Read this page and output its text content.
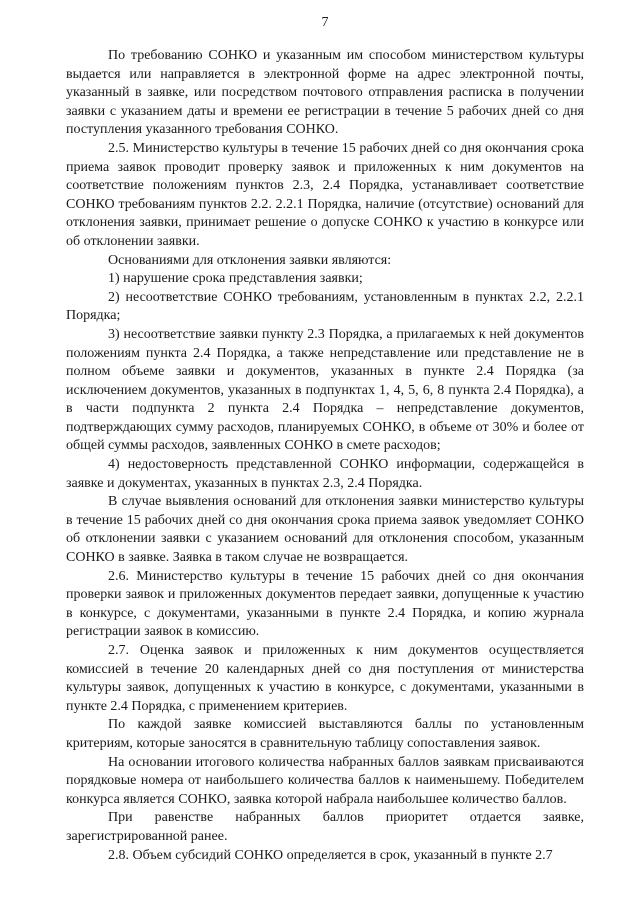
7

По требованию СОНКО и указанным им способом министерством культуры выдается или направляется в электронной форме на адрес электронной почты, указанный в заявке, или посредством почтового отправления расписка в получении заявки с указанием даты и времени ее регистрации в течение 5 рабочих дней со дня поступления указанного требования СОНКО.

2.5. Министерство культуры в течение 15 рабочих дней со дня окончания срока приема заявок проводит проверку заявок и приложенных к ним документов на соответствие положениям пунктов 2.3, 2.4 Порядка, устанавливает соответствие СОНКО требованиям пунктов 2.2. 2.2.1 Порядка, наличие (отсутствие) оснований для отклонения заявки, принимает решение о допуске СОНКО к участию в конкурсе или об отклонении заявки.

Основаниями для отклонения заявки являются:

1) нарушение срока представления заявки;

2) несоответствие СОНКО требованиям, установленным в пунктах 2.2, 2.2.1 Порядка;

3) несоответствие заявки пункту 2.3 Порядка, а прилагаемых к ней документов положениям пункта 2.4 Порядка, а также непредставление или представление не в полном объеме заявки и документов, указанных в пункте 2.4 Порядка (за исключением документов, указанных в подпунктах 1, 4, 5, 6, 8 пункта 2.4 Порядка), а в части подпункта 2 пункта 2.4 Порядка – непредставление документов, подтверждающих сумму расходов, планируемых СОНКО, в объеме от 30% и более от общей суммы расходов, заявленных СОНКО в смете расходов;

4) недостоверность представленной СОНКО информации, содержащейся в заявке и документах, указанных в пунктах 2.3, 2.4 Порядка.

В случае выявления оснований для отклонения заявки министерство культуры в течение 15 рабочих дней со дня окончания срока приема заявок уведомляет СОНКО об отклонении заявки с указанием оснований для отклонения способом, указанным СОНКО в заявке. Заявка в таком случае не возвращается.

2.6. Министерство культуры в течение 15 рабочих дней со дня окончания проверки заявок и приложенных документов передает заявки, допущенные к участию в конкурсе, с документами, указанными в пункте 2.4 Порядка, и копию журнала регистрации заявок в комиссию.

2.7. Оценка заявок и приложенных к ним документов осуществляется комиссией в течение 20 календарных дней со дня поступления от министерства культуры заявок, допущенных к участию в конкурсе, с документами, указанными в пункте 2.4 Порядка, с применением критериев.

По каждой заявке комиссией выставляются баллы по установленным критериям, которые заносятся в сравнительную таблицу сопоставления заявок.

На основании итогового количества набранных баллов заявкам присваиваются порядковые номера от наибольшего количества баллов к наименьшему. Победителем конкурса является СОНКО, заявка которой набрала наибольшее количество баллов.

При равенстве набранных баллов приоритет отдается заявке, зарегистрированной ранее.

2.8. Объем субсидий СОНКО определяется в срок, указанный в пункте 2.7
